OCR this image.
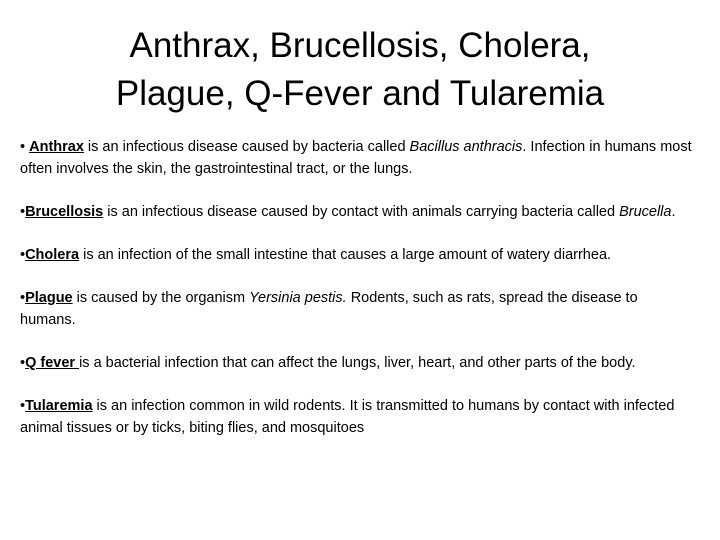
Anthrax, Brucellosis, Cholera,
Plague, Q-Fever and Tularemia

• Anthrax is an infectious disease caused by bacteria called Bacillus anthracis. Infection in humans most often involves the skin, the gastrointestinal tract, or the lungs.

•Brucellosis is an infectious disease caused by contact with animals carrying bacteria called Brucella.

•Cholera is an infection of the small intestine that causes a large amount of watery diarrhea.

•Plague is caused by the organism Yersinia pestis. Rodents, such as rats, spread the disease to humans.

•Q fever is a bacterial infection that can affect the lungs, liver, heart, and other parts of the body.

•Tularemia is an infection common in wild rodents. It is transmitted to humans by contact with infected animal tissues or by ticks, biting flies, and mosquitoes
